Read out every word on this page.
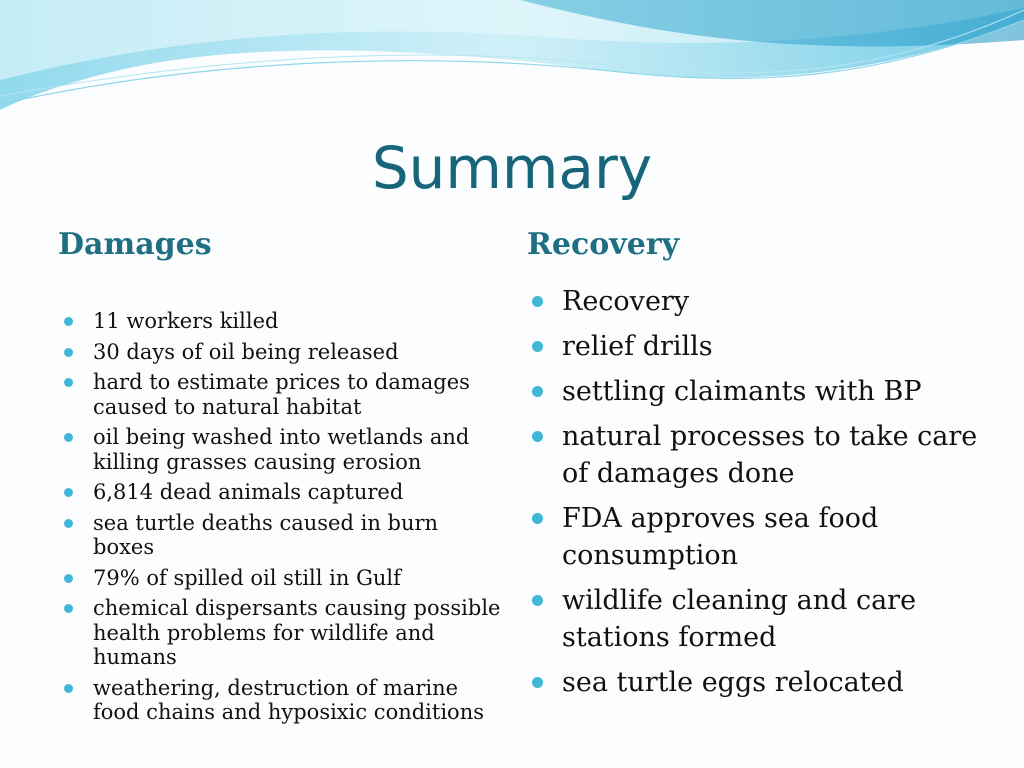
Summary
Damages	Recovery
11 workers killed
30 days of oil being released
hard to estimate prices to damages caused to natural habitat
oil being washed into wetlands and killing grasses causing erosion
6,814 dead animals captured
sea turtle deaths caused in burn boxes
79% of spilled oil still in Gulf
chemical dispersants causing possible health problems for wildlife and humans
weathering, destruction of marine food chains and hyposixic conditions
Recovery
relief drills
settling claimants with BP
natural processes to take care of damages done
FDA approves sea food consumption
wildlife cleaning and care stations formed
sea turtle eggs relocated
